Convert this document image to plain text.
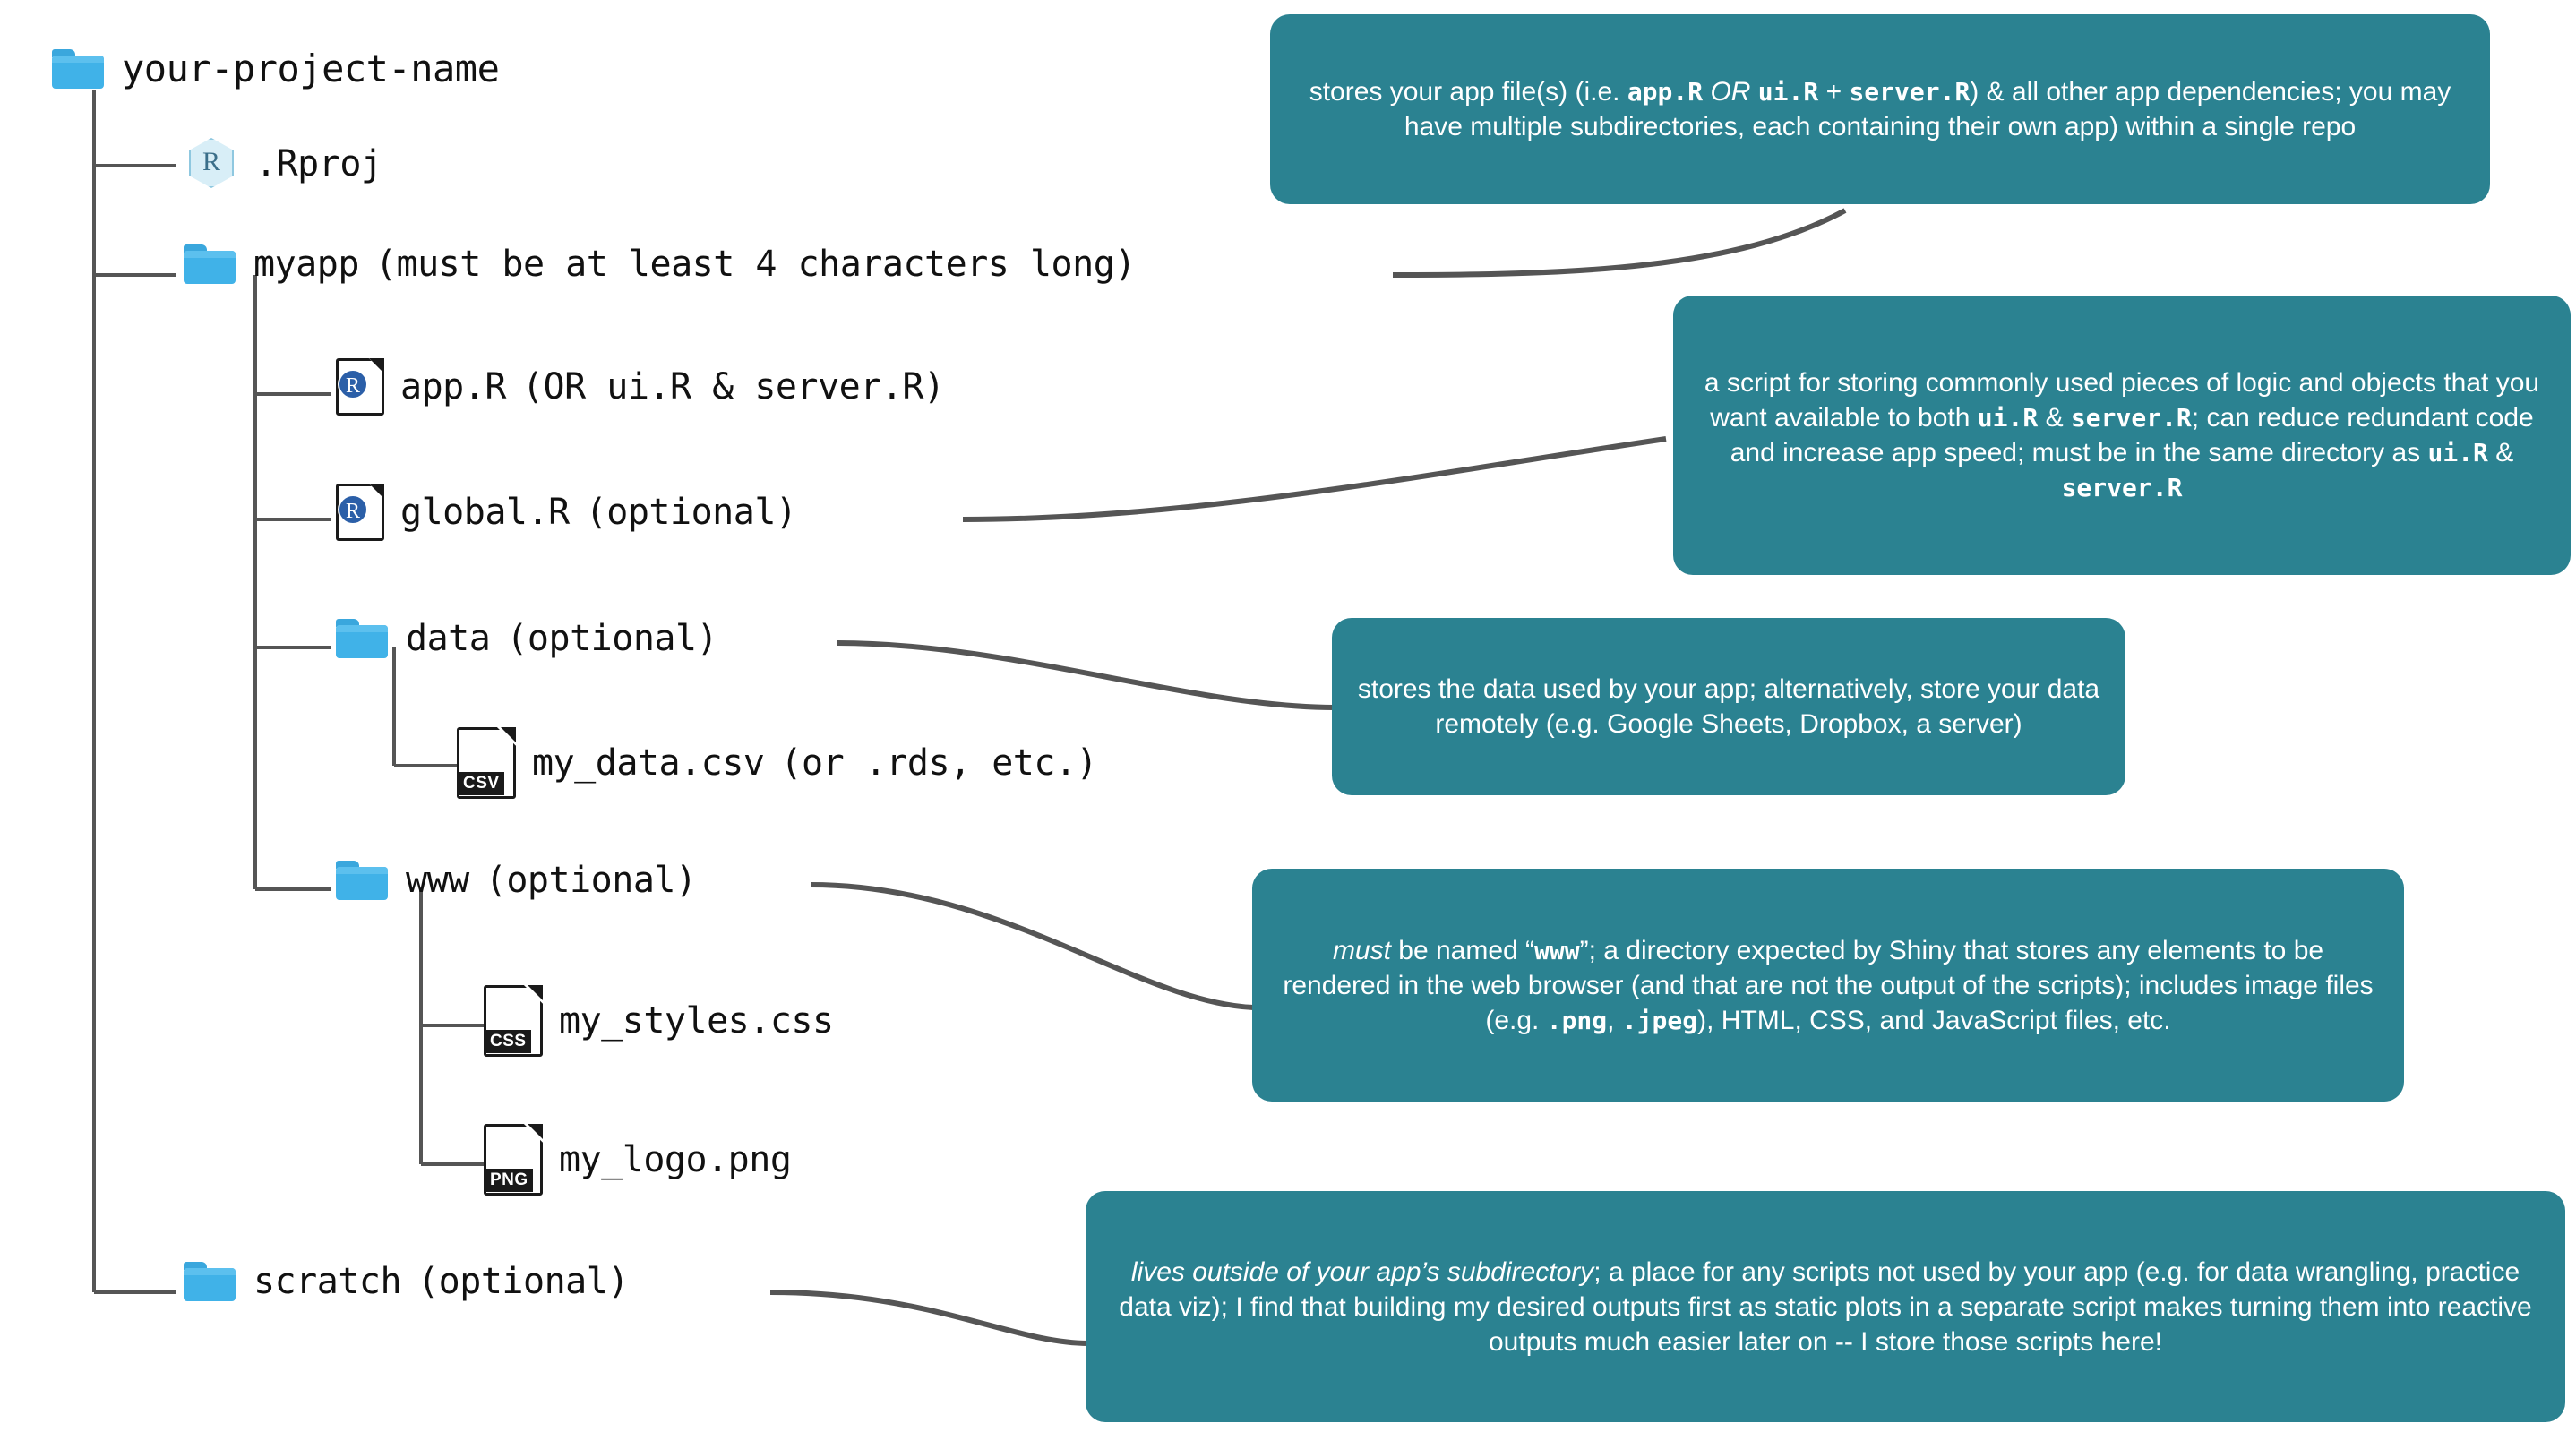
your-project-name
R .Rproj
myapp (must be at least 4 characters long)
R app.R (OR ui.R & server.R)
R global.R (optional)
data (optional)
CSV my_data.csv (or .rds, etc.)
www (optional)
CSS my_styles.css
PNG my_logo.png
scratch (optional)
stores your app file(s) (i.e. app.R OR ui.R + server.R) & all other app dependencies; you may have multiple subdirectories, each containing their own app) within a single repo
a script for storing commonly used pieces of logic and objects that you want available to both ui.R & server.R; can reduce redundant code and increase app speed; must be in the same directory as ui.R & server.R
stores the data used by your app; alternatively, store your data remotely (e.g. Google Sheets, Dropbox, a server)
must be named “www”; a directory expected by Shiny that stores any elements to be rendered in the web browser (and that are not the output of the scripts); includes image files (e.g. .png, .jpeg), HTML, CSS, and JavaScript files, etc.
lives outside of your app’s subdirectory; a place for any scripts not used by your app (e.g. for data wrangling, practice data viz); I find that building my desired outputs first as static plots in a separate script makes turning them into reactive outputs much easier later on -- I store those scripts here!
